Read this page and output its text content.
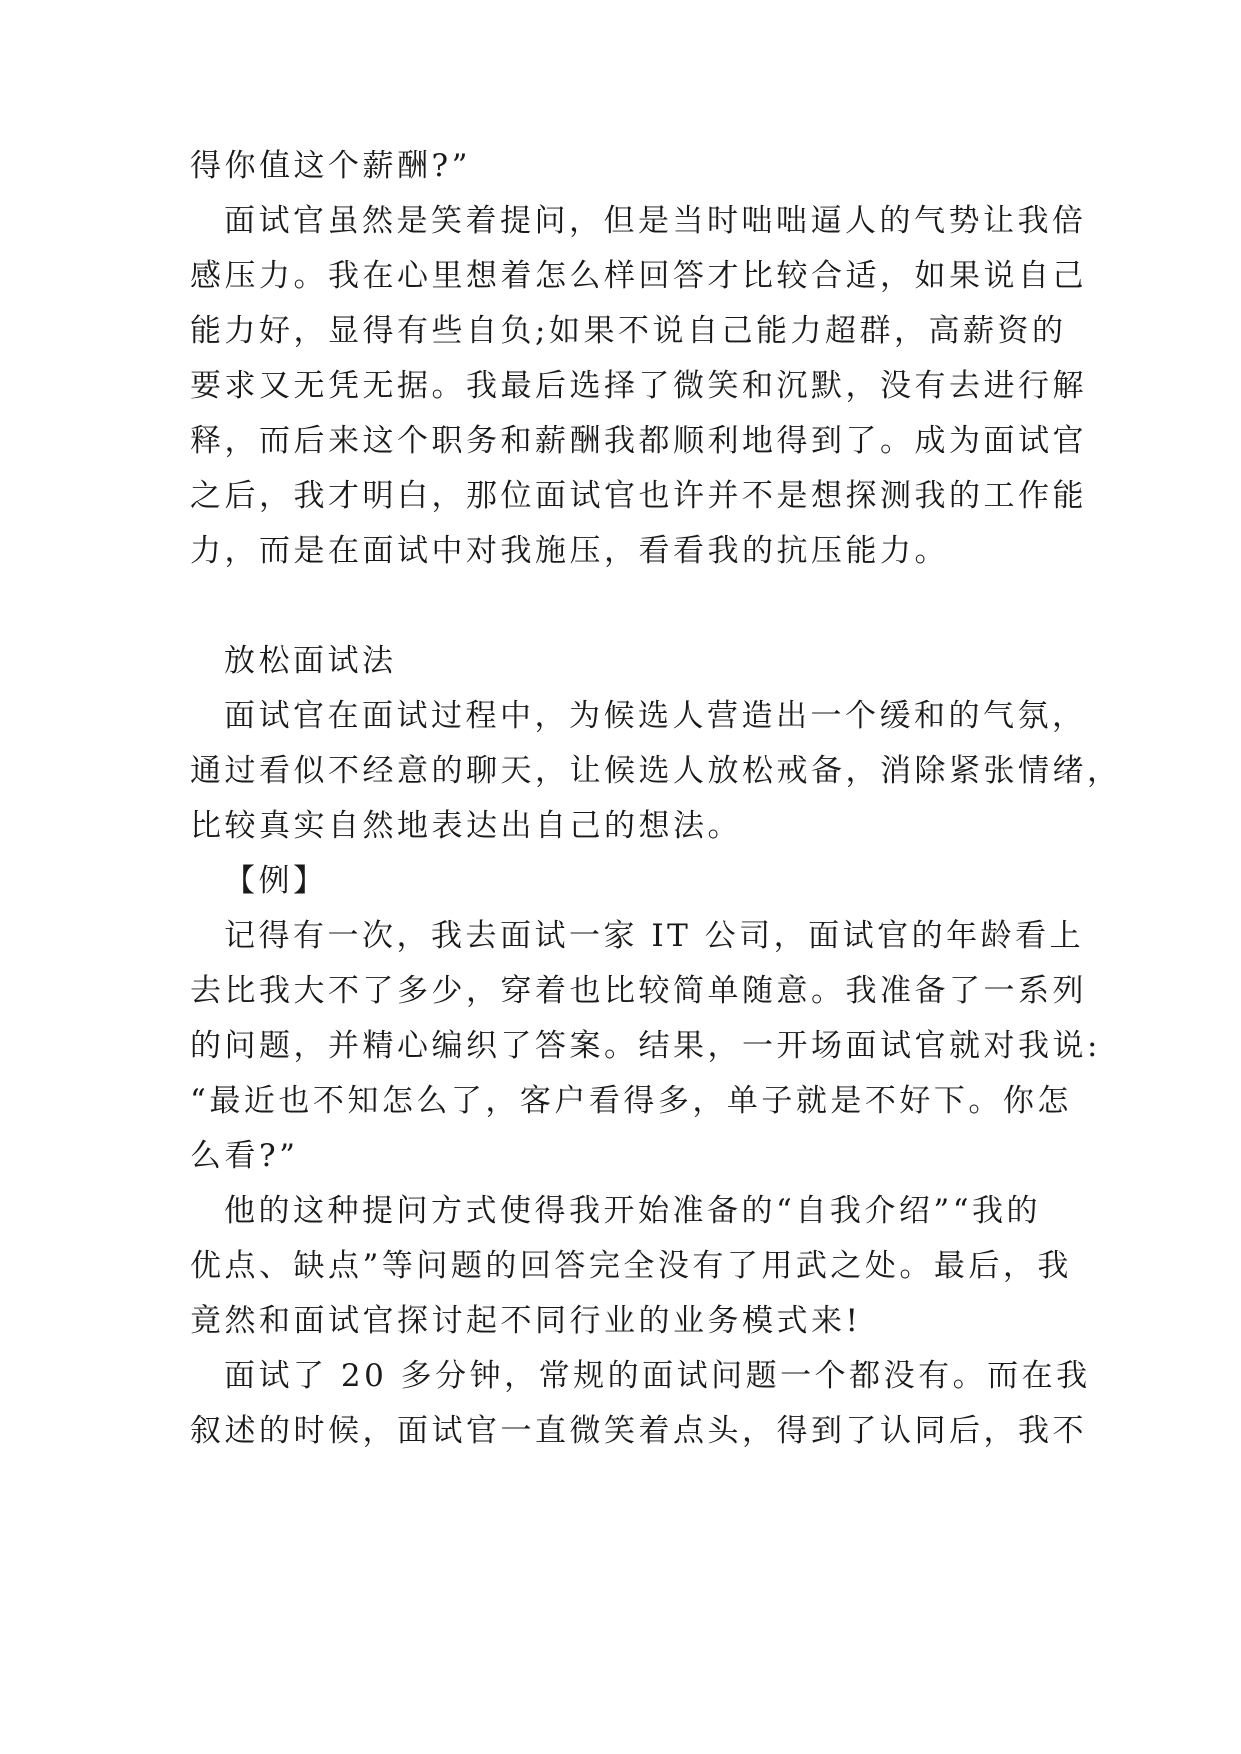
得你值这个薪酬?”
面试官虽然是笑着提问，但是当时咄咄逼人的气势让我倍
感压力。我在心里想着怎么样回答才比较合适，如果说自己
能力好，显得有些自负;如果不说自己能力超群，高薪资的
要求又无凭无据。我最后选择了微笑和沉默，没有去进行解
释，而后来这个职务和薪酬我都顺利地得到了。成为面试官
之后，我才明白，那位面试官也许并不是想探测我的工作能
力，而是在面试中对我施压，看看我的抗压能力。
放松面试法
面试官在面试过程中，为候选人营造出一个缓和的气氛，
通过看似不经意的聊天，让候选人放松戒备，消除紧张情绪，
比较真实自然地表达出自己的想法。
【例】
记得有一次，我去面试一家 IT 公司，面试官的年龄看上
去比我大不了多少，穿着也比较简单随意。我准备了一系列
的问题，并精心编织了答案。结果，一开场面试官就对我说:
“最近也不知怎么了，客户看得多，单子就是不好下。你怎
么看?”
他的这种提问方式使得我开始准备的“自我介绍”“我的
优点、缺点”等问题的回答完全没有了用武之处。最后，我
竟然和面试官探讨起不同行业的业务模式来!
面试了 20 多分钟，常规的面试问题一个都没有。而在我
叙述的时候，面试官一直微笑着点头，得到了认同后，我不
